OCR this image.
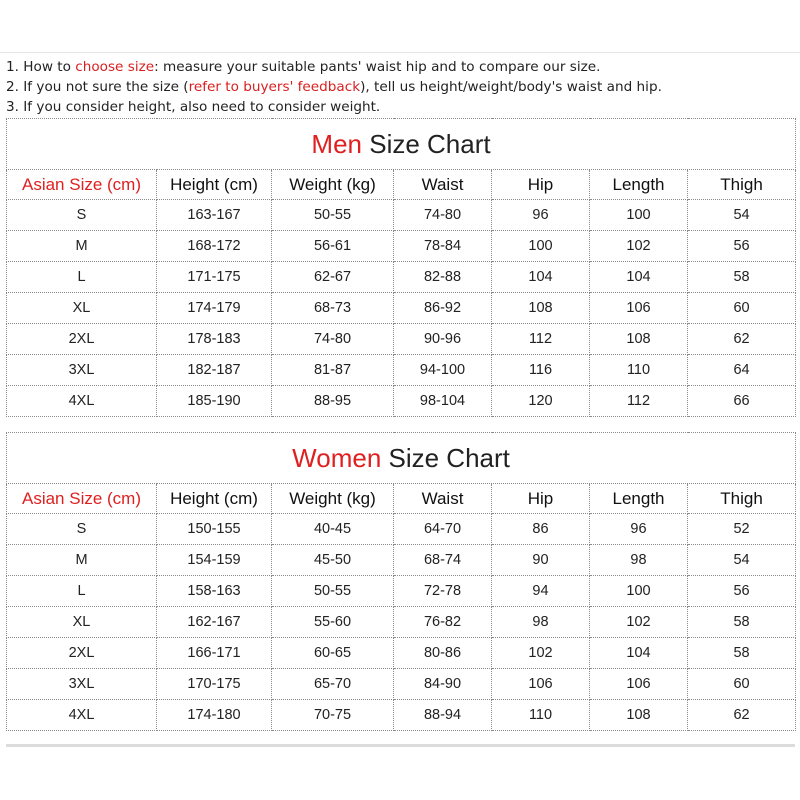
1. How to choose size: measure your suitable pants' waist hip and to compare our size.
2. If you not sure the size (refer to buyers' feedback), tell us height/weight/body's waist and hip.
3. If you consider height, also need to consider weight.
Men Size Chart						
Asian Size (cm)	Height (cm)	Weight (kg)	Waist	Hip	Length	Thigh
S	163-167	50-55	74-80	96	100	54
M	168-172	56-61	78-84	100	102	56
L	171-175	62-67	82-88	104	104	58
XL	174-179	68-73	86-92	108	106	60
2XL	178-183	74-80	90-96	112	108	62
3XL	182-187	81-87	94-100	116	110	64
4XL	185-190	88-95	98-104	120	112	66
Women Size Chart						
Asian Size (cm)	Height (cm)	Weight (kg)	Waist	Hip	Length	Thigh
S	150-155	40-45	64-70	86	96	52
M	154-159	45-50	68-74	90	98	54
L	158-163	50-55	72-78	94	100	56
XL	162-167	55-60	76-82	98	102	58
2XL	166-171	60-65	80-86	102	104	58
3XL	170-175	65-70	84-90	106	106	60
4XL	174-180	70-75	88-94	110	108	62
